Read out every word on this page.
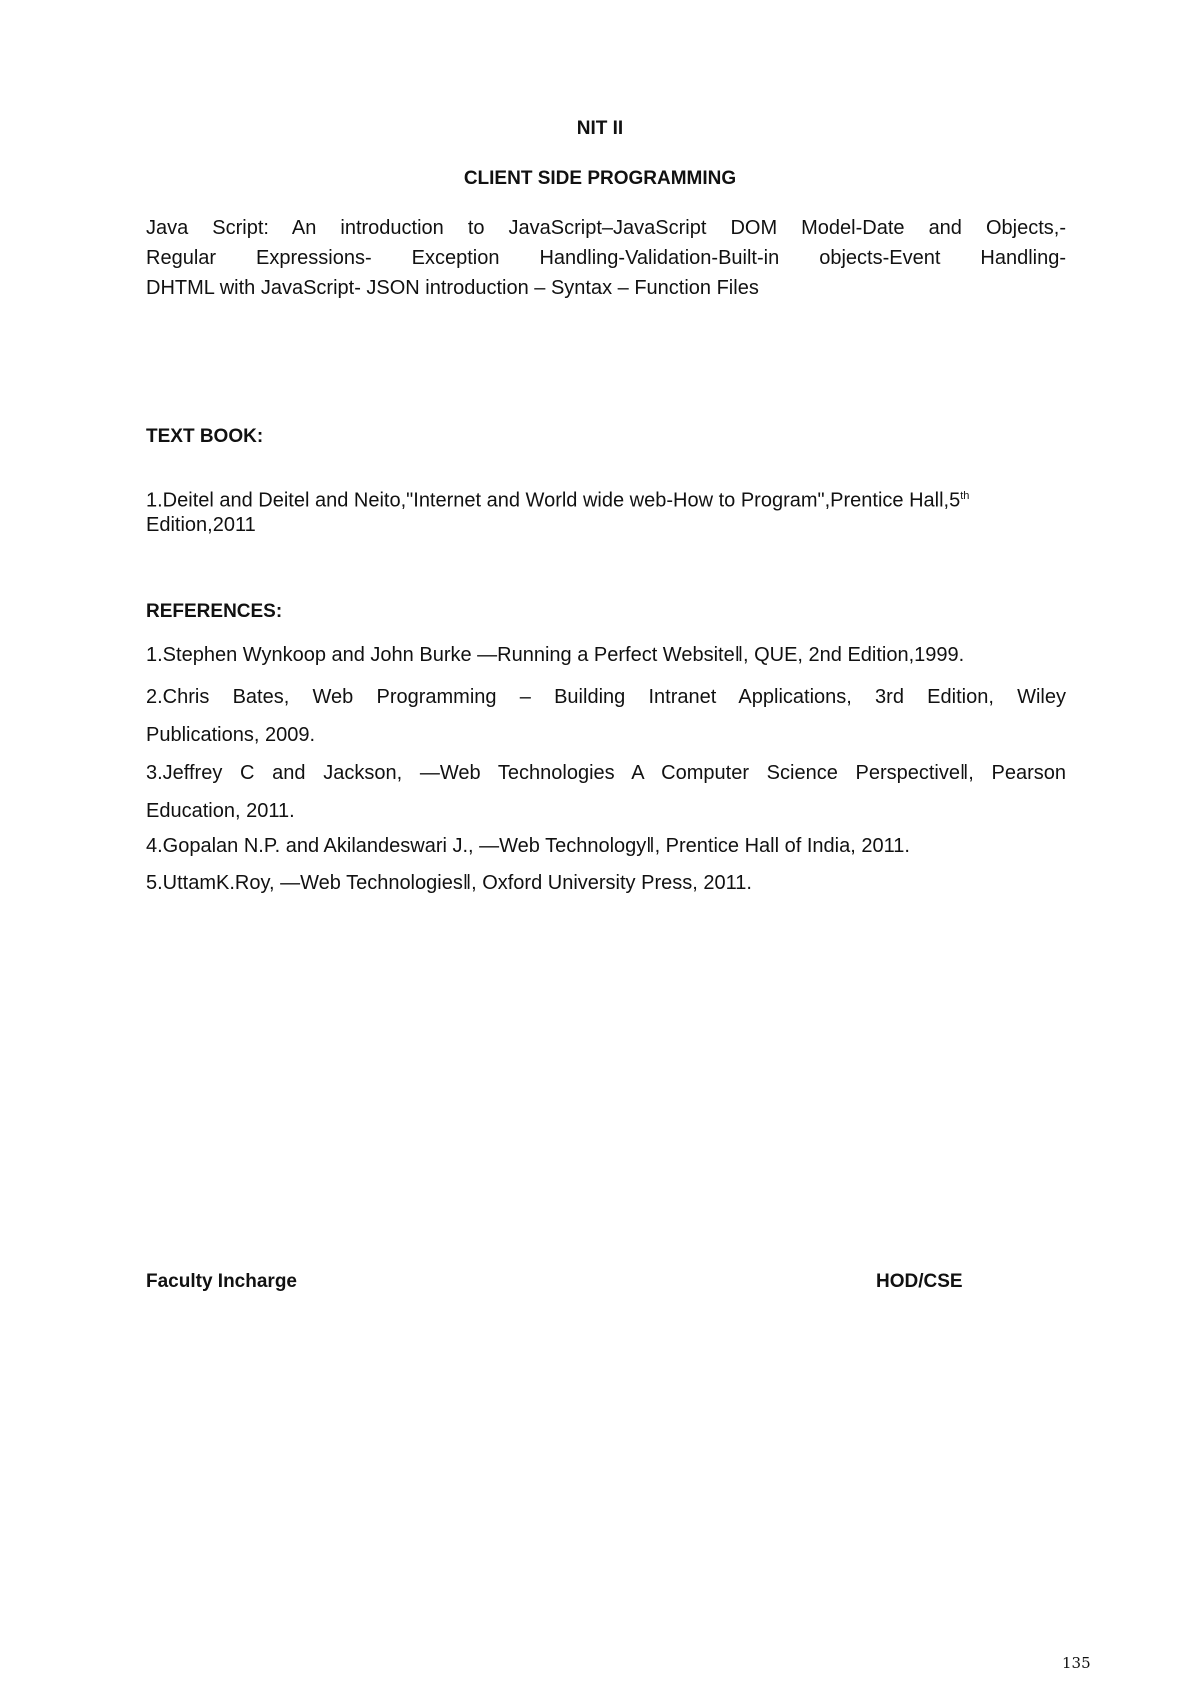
NIT II
CLIENT SIDE PROGRAMMING
Java Script: An introduction to JavaScript–JavaScript DOM Model-Date and Objects,-
Regular Expressions- Exception Handling-Validation-Built-in objects-Event Handling-
DHTML with JavaScript- JSON introduction – Syntax – Function Files
TEXT BOOK:
1.Deitel and Deitel and Neito,"Internet and World wide web-How to Program",Prentice Hall,5th
Edition,2011
REFERENCES:
1.Stephen Wynkoop and John Burke ―Running a Perfect Website‖, QUE, 2nd Edition,1999.
2.Chris Bates, Web Programming – Building Intranet Applications, 3rd Edition, Wiley
Publications, 2009.
3.Jeffrey C and Jackson, ―Web Technologies A Computer Science Perspective‖, Pearson
Education, 2011.
4.Gopalan N.P. and Akilandeswari J., ―Web Technology‖, Prentice Hall of India, 2011.
5.UttamK.Roy, ―Web Technologies‖, Oxford University Press, 2011.
Faculty Incharge	HOD/CSE
135
